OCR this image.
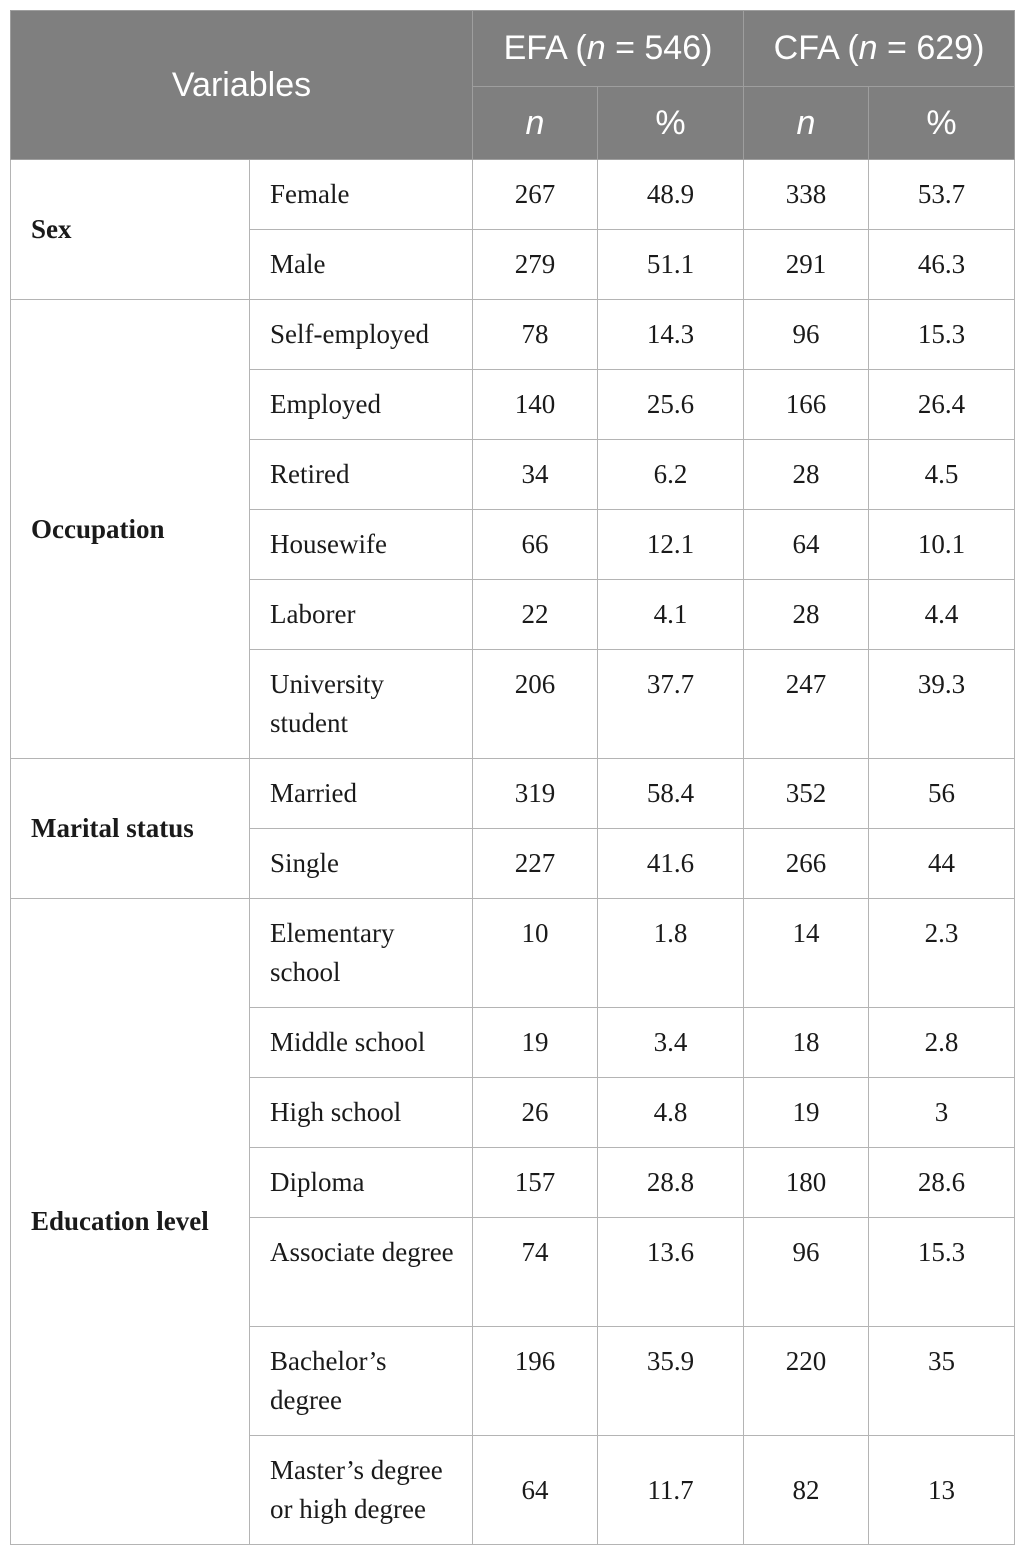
Variables		EFA (n = 546)		CFA (n = 629)	
		n	%	n	%
Sex	Female	267	48.9	338	53.7
	Male	279	51.1	291	46.3
Occupation	Self-employed	78	14.3	96	15.3
	Employed	140	25.6	166	26.4
	Retired	34	6.2	28	4.5
	Housewife	66	12.1	64	10.1
	Laborer	22	4.1	28	4.4
	University student	206	37.7	247	39.3
Marital status	Married	319	58.4	352	56
	Single	227	41.6	266	44
Education level	Elementary school	10	1.8	14	2.3
	Middle school	19	3.4	18	2.8
	High school	26	4.8	19	3
	Diploma	157	28.8	180	28.6
	Associate degree	74	13.6	96	15.3
	Bachelor’s degree	196	35.9	220	35
	Master’s degree or high degree	64	11.7	82	13
